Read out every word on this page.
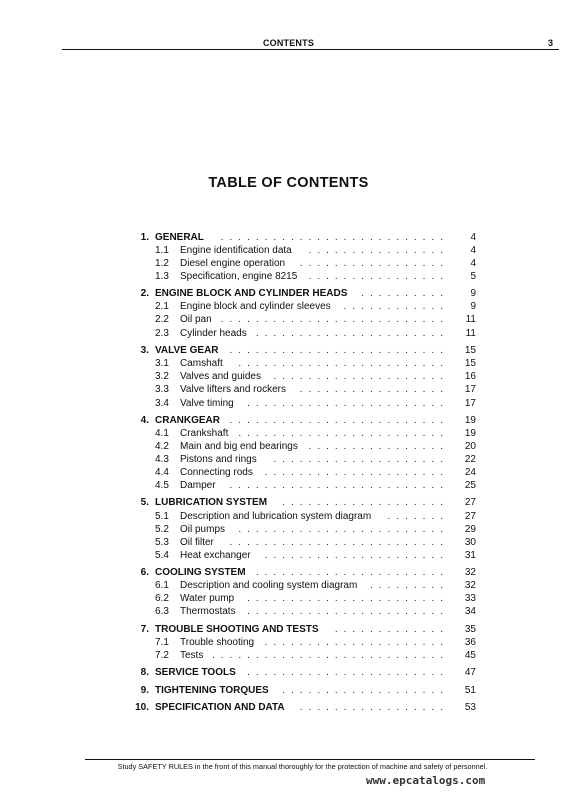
CONTENTS	3
TABLE OF CONTENTS
1. GENERAL	..........................	4
1.1 Engine identification data	................	4
1.2 Diesel engine operation	.................	4
1.3 Specification, engine 8215	................	5
2. ENGINE BLOCK AND CYLINDER HEADS	..........	9
2.1 Engine block and cylinder sleeves	............	9
2.2 Oil pan ..........................	11
2.3 Cylinder heads ......................	11
3. VALVE GEAR .........................	15
3.1 Camshaft	........................	15
3.2 Valves and guides	....................	16
3.3 Valve lifters and rockers	.................	17
3.4 Valve timing	.......................	17
4. CRANKGEAR .........................	19
4.1 Crankshaft ........................	19
4.2 Main and big end bearings ................	20
4.3 Pistons and rings	....................	22
4.4 Connecting rods	.....................	24
4.5 Damper	.........................	25
5. LUBRICATION SYSTEM	...................	27
5.1 Description and lubrication system diagram	.......	27
5.2 Oil pumps	........................	29
5.3 Oil filter	.........................	30
5.4 Heat exchanger	.....................	31
6. COOLING SYSTEM ......................	32
6.1 Description and cooling system diagram	.........	32
6.2 Water pump	.......................	33
6.3 Thermostats	.......................	34
7. TROUBLE SHOOTING AND TESTS	.............	35
7.1 Trouble shooting .....................	36
7.2 Tests ...........................	45
8. SERVICE TOOLS	.......................	47
9. TIGHTENING TORQUES	...................	51
10. SPECIFICATION AND DATA	.................	53
Study SAFETY RULES in the front of this manual thoroughly for the protection of machine and safety of personnel.
www.epcatalogs.com
